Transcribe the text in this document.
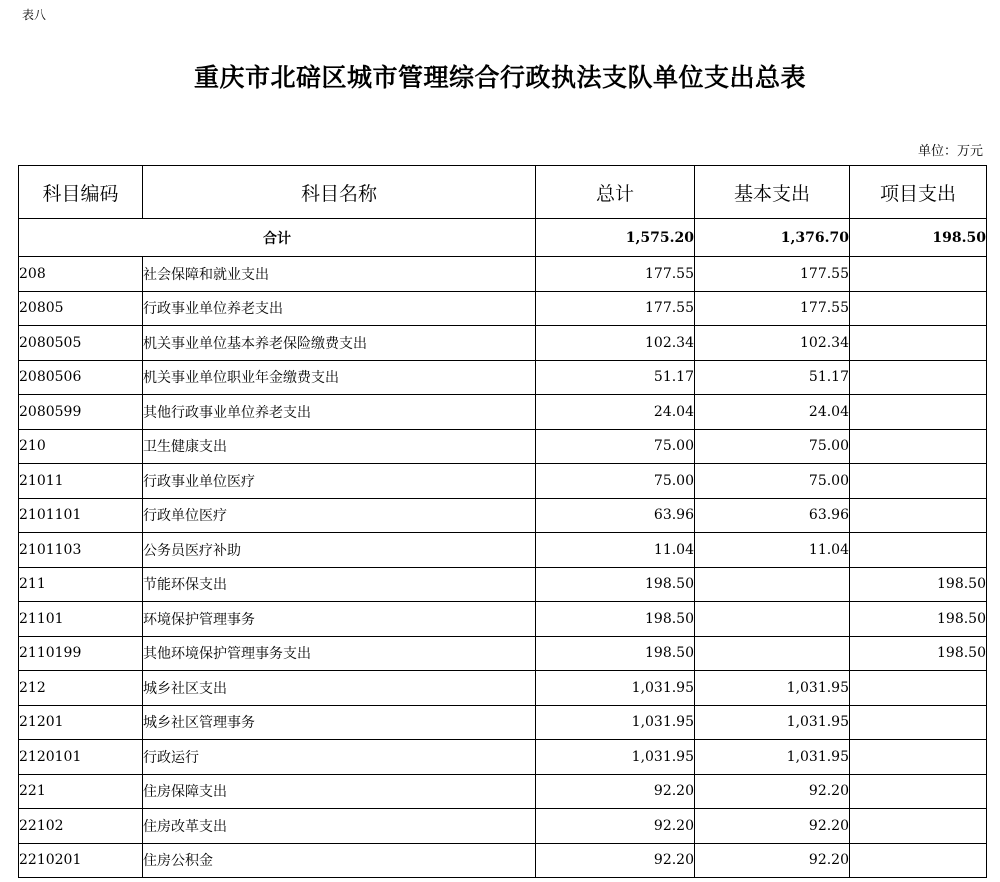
表八
重庆市北碚区城市管理综合行政执法支队单位支出总表
单位：万元
科目编码	科目名称	总计	基本支出	项目支出
合计		1,575.20	1,376.70	198.50
208	社会保障和就业支出	177.55	177.55	
20805	行政事业单位养老支出	177.55	177.55	
2080505	机关事业单位基本养老保险缴费支出	102.34	102.34	
2080506	机关事业单位职业年金缴费支出	51.17	51.17	
2080599	其他行政事业单位养老支出	24.04	24.04	
210	卫生健康支出	75.00	75.00	
21011	行政事业单位医疗	75.00	75.00	
2101101	行政单位医疗	63.96	63.96	
2101103	公务员医疗补助	11.04	11.04	
211	节能环保支出	198.50		198.50
21101	环境保护管理事务	198.50		198.50
2110199	其他环境保护管理事务支出	198.50		198.50
212	城乡社区支出	1,031.95	1,031.95	
21201	城乡社区管理事务	1,031.95	1,031.95	
2120101	行政运行	1,031.95	1,031.95	
221	住房保障支出	92.20	92.20	
22102	住房改革支出	92.20	92.20	
2210201	住房公积金	92.20	92.20	
